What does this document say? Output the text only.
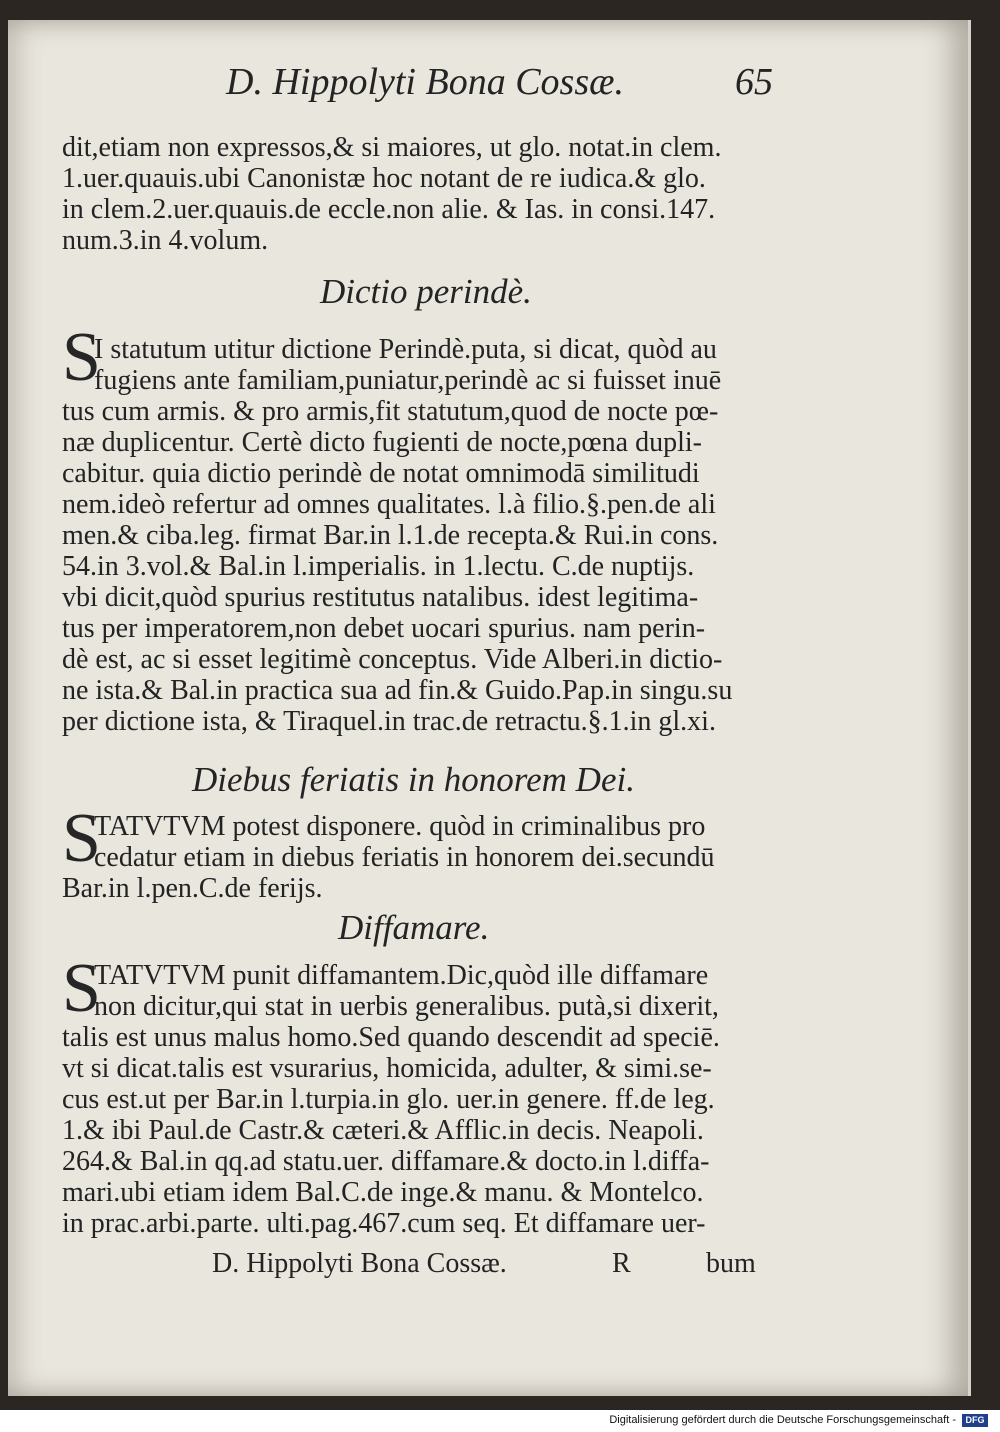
D. Hippolyti Bona Cossæ.	65
dit,etiam non expressos,& si maiores, ut glo. notat.in clem.
1.uer.quauis.ubi Canonistæ hoc notant de re iudica.& glo.
in clem.2.uer.quauis.de eccle.non alie. & Ias. in consi.147.
num.3.in 4.volum.
Dictio perindè.
S
I statutum utitur dictione Perindè.puta, si dicat, quòd au
fugiens ante familiam,puniatur,perindè ac si fuisset inuē
tus cum armis. & pro armis,fit statutum,quod de nocte pœ-
næ duplicentur. Certè dicto fugienti de nocte,pœna dupli-
cabitur. quia dictio perindè de notat omnimodā similitudi
nem.ideò refertur ad omnes qualitates. l.à filio.§.pen.de ali
men.& ciba.leg. firmat Bar.in l.1.de recepta.& Rui.in cons.
54.in 3.vol.& Bal.in l.imperialis. in 1.lectu. C.de nuptijs.
vbi dicit,quòd spurius restitutus natalibus. idest legitima-
tus per imperatorem,non debet uocari spurius. nam perin-
dè est, ac si esset legitimè conceptus. Vide Alberi.in dictio-
ne ista.& Bal.in practica sua ad fin.& Guido.Pap.in singu.su
per dictione ista, & Tiraquel.in trac.de retractu.§.1.in gl.xi.
Diebus feriatis in honorem Dei.
S
TATVTVM potest disponere. quòd in criminalibus pro
cedatur etiam in diebus feriatis in honorem dei.secundū
Bar.in l.pen.C.de ferijs.
Diffamare.
S
TATVTVM punit diffamantem.Dic,quòd ille diffamare
non dicitur,qui stat in uerbis generalibus. putà,si dixerit,
talis est unus malus homo.Sed quando descendit ad speciē.
vt si dicat.talis est vsurarius, homicida, adulter, & simi.se-
cus est.ut per Bar.in l.turpia.in glo. uer.in genere. ff.de leg.
1.& ibi Paul.de Castr.& cæteri.& Afflic.in decis. Neapoli.
264.& Bal.in qq.ad statu.uer. diffamare.& docto.in l.diffa-
mari.ubi etiam idem Bal.C.de inge.& manu. & Montelco.
in prac.arbi.parte. ulti.pag.467.cum seq. Et diffamare uer-
D. Hippolyti Bona Cossæ.	R	bum
Digitalisierung gefördert durch die Deutsche Forschungsgemeinschaft -	DFG
